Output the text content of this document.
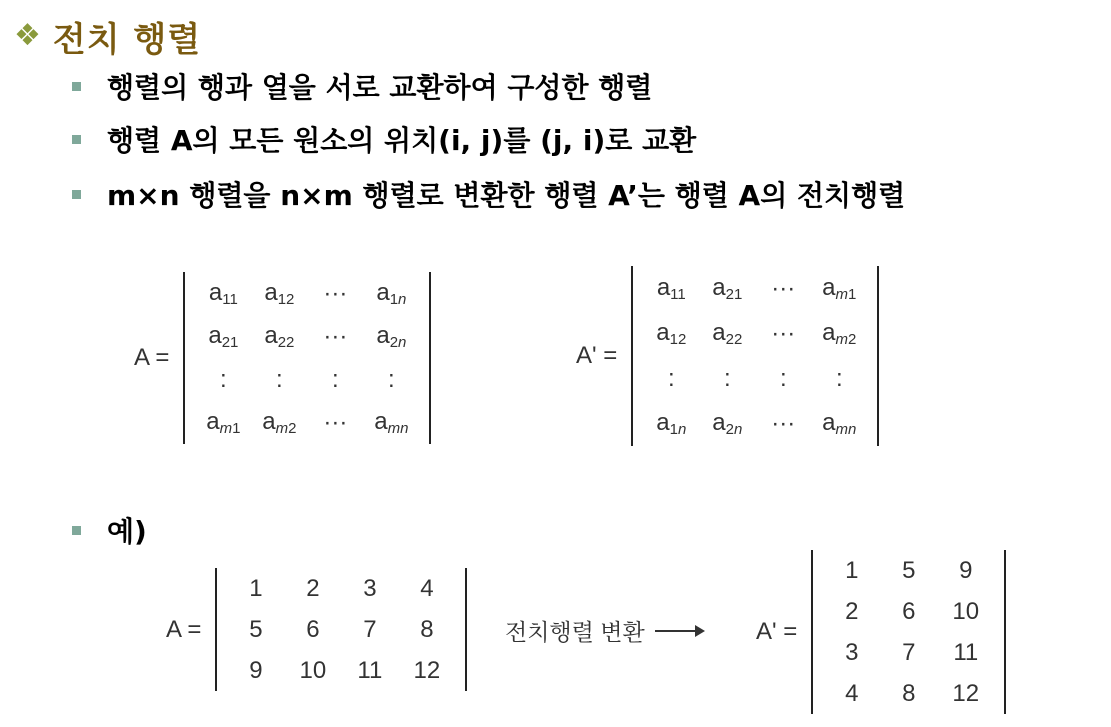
❖ 전치 행렬
행렬의 행과 열을 서로 교환하여 구성한 행렬
행렬 A의 모든 원소의 위치(i, j)를 (j, i)로 교환
m×n 행렬을 n×m 행렬로 변환한 행렬 A’는 행렬 A의 전치행렬
A =
$a_{11}$	$a_{12}$	···	$a_{1n}$
$a_{21}$	$a_{22}$	···	$a_{2n}$
:	:	:	:
$a_{m1}$ $a_{m2}$	···	$a_{mn}$
A' =
$a_{11}$	$a_{21}$	···	$a_{m1}$
$a_{12}$	$a_{22}$	···	$a_{m2}$
:	:	:	:
$a_{1n}$	$a_{2n}$	···	$a_{mn}$
예)
A =
1	2	3	4
5	6	7	8
9	10	11	12
전치행렬 변환	A' =
1	5	9
2	6	10
3	7	11
4	8	12
